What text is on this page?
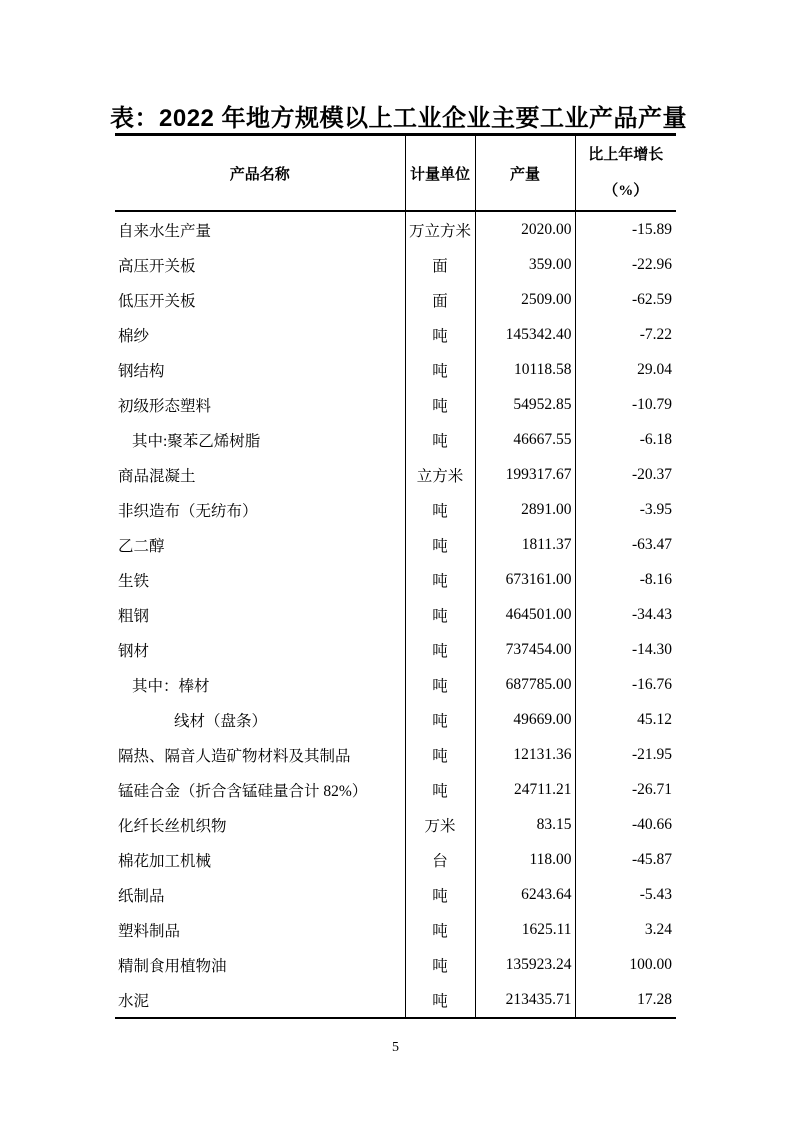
表：2022 年地方规模以上工业企业主要工业产品产量
产品名称	计量单位	产量	比上年增长
（%）

自来水生产量	万立方米	2020.00	-15.89
高压开关板	面	359.00	-22.96
低压开关板	面	2509.00	-62.59
棉纱	吨	145342.40	-7.22
钢结构	吨	10118.58	29.04
初级形态塑料	吨	54952.85	-10.79
其中:聚苯乙烯树脂	吨	46667.55	-6.18
商品混凝土	立方米	199317.67	-20.37
非织造布（无纺布）	吨	2891.00	-3.95
乙二醇	吨	1811.37	-63.47
生铁	吨	673161.00	-8.16
粗钢	吨	464501.00	-34.43
钢材	吨	737454.00	-14.30
其中：棒材	吨	687785.00	-16.76
线材（盘条）	吨	49669.00	45.12
隔热、隔音人造矿物材料及其制品	吨	12131.36	-21.95
锰硅合金（折合含锰硅量合计 82%）	吨	24711.21	-26.71
化纤长丝机织物	万米	83.15	-40.66
棉花加工机械	台	118.00	-45.87
纸制品	吨	6243.64	-5.43
塑料制品	吨	1625.11	3.24
精制食用植物油	吨	135923.24	100.00
水泥	吨	213435.71	17.28
5
